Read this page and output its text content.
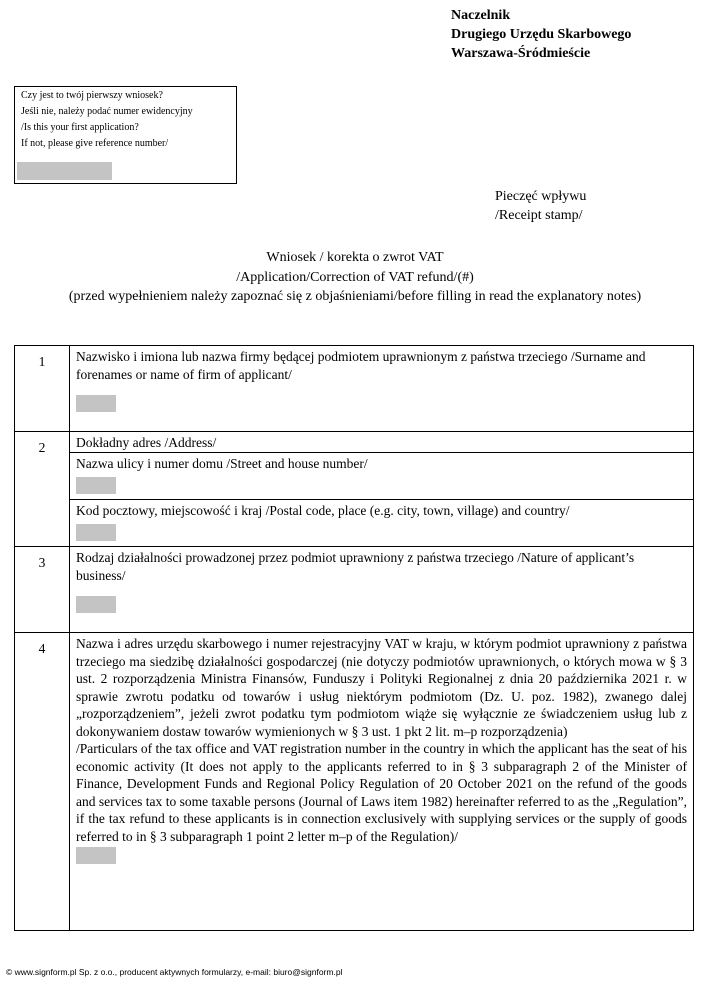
Naczelnik
Drugiego Urzędu Skarbowego
Warszawa-Śródmieście
Czy jest to twój pierwszy wniosek?
Jeśli nie, należy podać numer ewidencyjny
/Is this your first application?
If not, please give reference number/
Pieczęć wpływu
/Receipt stamp/
Wniosek / korekta o zwrot VAT
/Application/Correction of VAT refund/(#)
(przed wypełnieniem należy zapoznać się z objaśnieniami/before filling in read the explanatory notes)
1	Nazwisko i imiona lub nazwa firmy będącej podmiotem uprawnionym z państwa trzeciego /Surname and forenames or name of firm of applicant/

2	Dokładny adres /Address/

	Nazwa ulicy i numer domu /Street and house number/

	Kod pocztowy, miejscowość i kraj /Postal code, place (e.g. city, town, village) and country/

3	Rodzaj działalności prowadzonej przez podmiot uprawniony z państwa trzeciego /Nature of applicant’s business/

4	Nazwa i adres urzędu skarbowego i numer rejestracyjny VAT w kraju, w którym podmiot uprawniony z państwa trzeciego ma siedzibę działalności gospodarczej (nie dotyczy podmiotów uprawnionych, o których mowa w § 3 ust. 2 rozporządzenia Ministra Finansów, Funduszy i Polityki Regionalnej z dnia 20 października 2021 r. w sprawie zwrotu podatku od towarów i usług niektórym podmiotom (Dz. U. poz. 1982), zwanego dalej „rozporządzeniem”, jeżeli zwrot podatku tym podmiotom wiąże się wyłącznie ze świadczeniem usług lub z dokonywaniem dostaw towarów wymienionych w § 3 ust. 1 pkt 2 lit. m–p rozporządzenia)
/Particulars of the tax office and VAT registration number in the country in which the applicant has the seat of his economic activity (It does not apply to the applicants referred to in § 3 subparagraph 2 of the Minister of Finance, Development Funds and Regional Policy Regulation of 20 October 2021 on the refund of the goods and services tax to some taxable persons (Journal of Laws item 1982) hereinafter referred to as the „Regulation”, if the tax refund to these applicants is in connection exclusively with supplying services or the supply of goods referred to in § 3 subparagraph 1 point 2 letter m–p of the Regulation)/
© www.signform.pl Sp. z o.o., producent aktywnych formularzy, e-mail: biuro@signform.pl
